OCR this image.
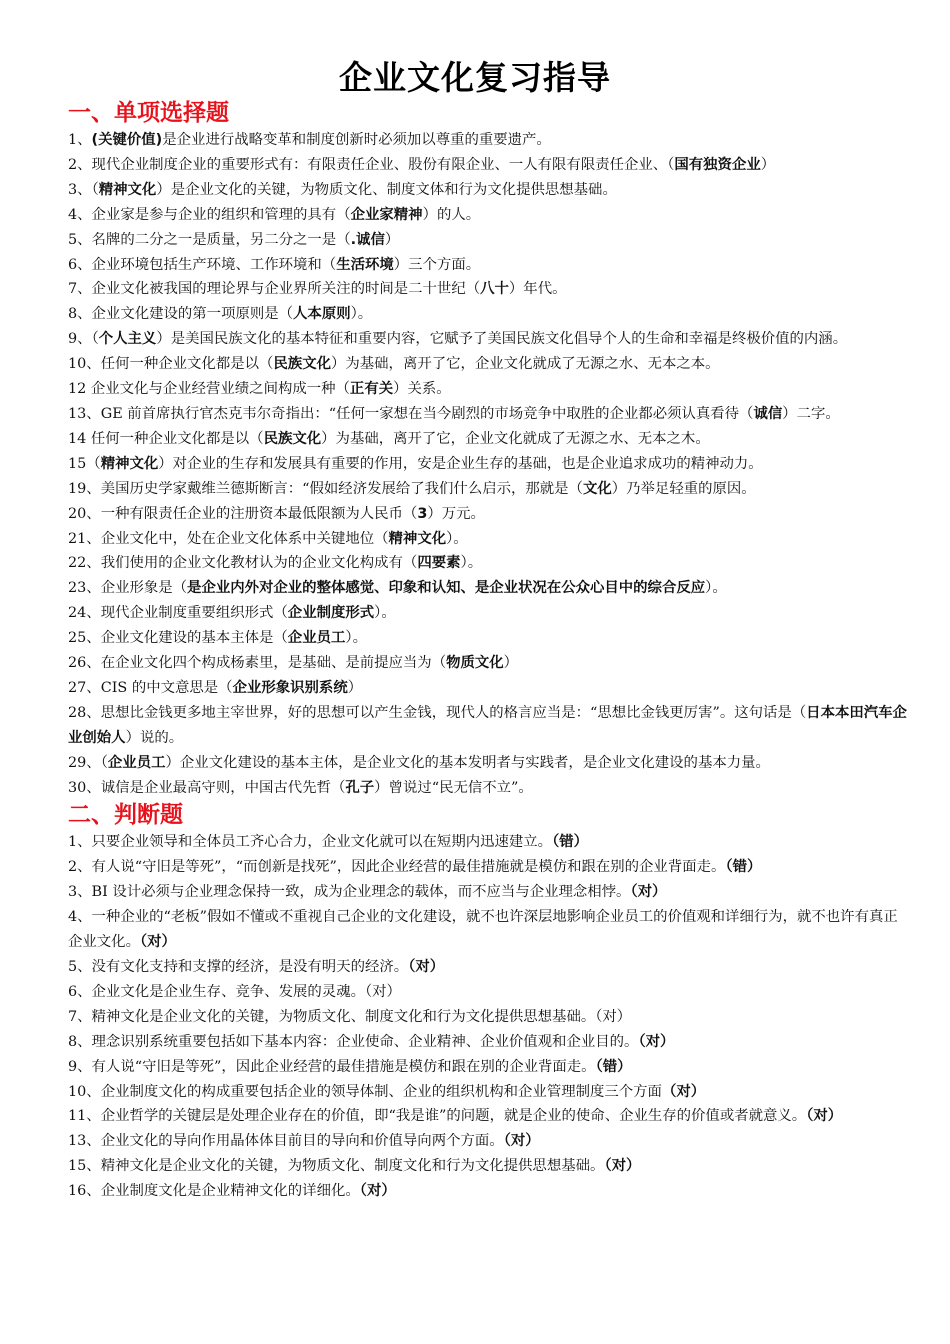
企业文化复习指导
一、单项选择题

1、(关键价值)是企业进行战略变革和制度创新时必须加以尊重的重要遗产。

2、现代企业制度企业的重要形式有：有限责任企业、股份有限企业、一人有限有限责任企业、（国有独资企业）

3、（精神文化）是企业文化的关键，为物质文化、制度文体和行为文化提供思想基础。

4、企业家是参与企业的组织和管理的具有（企业家精神）的人。

5、名牌的二分之一是质量，另二分之一是（.诚信）

6、企业环境包括生产环境、工作环境和（生活环境）三个方面。

7、企业文化被我国的理论界与企业界所关注的时间是二十世纪（八十）年代。

8、企业文化建设的第一项原则是（人本原则）。

9、（个人主义）是美国民族文化的基本特征和重要内容，它赋予了美国民族文化倡导个人的生命和幸福是终极价值的内涵。

10、任何一种企业文化都是以（民族文化）为基础，离开了它，企业文化就成了无源之水、无本之本。

12 企业文化与企业经营业绩之间构成一种（正有关）关系。

13、GE 前首席执行官杰克韦尔奇指出：“任何一家想在当今剧烈的市场竞争中取胜的企业都必须认真看待（诚信）二字。

14 任何一种企业文化都是以（民族文化）为基础，离开了它，企业文化就成了无源之水、无本之木。

15（精神文化）对企业的生存和发展具有重要的作用，安是企业生存的基础，也是企业追求成功的精神动力。

19、美国历史学家戴维兰德斯断言：“假如经济发展给了我们什么启示，那就是（文化）乃举足轻重的原因。

20、一种有限责任企业的注册资本最低限额为人民币（3）万元。

21、企业文化中，处在企业文化体系中关键地位（精神文化）。

22、我们使用的企业文化教材认为的企业文化构成有（四要素）。

23、企业形象是（是企业内外对企业的整体感觉、印象和认知、是企业状况在公众心目中的综合反应）。

24、现代企业制度重要组织形式（企业制度形式）。

25、企业文化建设的基本主体是（企业员工）。

26、在企业文化四个构成杨素里，是基础、是前提应当为（物质文化）

27、CIS 的中文意思是（企业形象识别系统）

28、思想比金钱更多地主宰世界，好的思想可以产生金钱，现代人的格言应当是：“思想比金钱更厉害”。这句话是（日本本田汽车企业创始人）说的。

29、（企业员工）企业文化建设的基本主体，是企业文化的基本发明者与实践者，是企业文化建设的基本力量。

30、诚信是企业最高守则，中国古代先哲（孔子）曾说过“民无信不立”。

二、判断题

1、只要企业领导和全体员工齐心合力，企业文化就可以在短期内迅速建立。（错）

2、有人说“守旧是等死”，“而创新是找死”，因此企业经营的最佳措施就是模仿和跟在别的企业背面走。（错）

3、BI 设计必须与企业理念保持一致，成为企业理念的载体，而不应当与企业理念相悖。（对）

4、一种企业的“老板”假如不懂或不重视自己企业的文化建设，就不也许深层地影响企业员工的价值观和详细行为，就不也许有真正企业文化。（对）

5、没有文化支持和支撑的经济，是没有明天的经济。（对）

6、企业文化是企业生存、竞争、发展的灵魂。（对）

7、精神文化是企业文化的关键，为物质文化、制度文化和行为文化提供思想基础。（对）

8、理念识别系统重要包括如下基本内容：企业使命、企业精神、企业价值观和企业目的。（对）

9、有人说“守旧是等死”，因此企业经营的最佳措施是模仿和跟在别的企业背面走。（错）

10、企业制度文化的构成重要包括企业的领导体制、企业的组织机构和企业管理制度三个方面（对）

11、企业哲学的关键层是处理企业存在的价值，即“我是谁”的问题，就是企业的使命、企业生存的价值或者就意义。（对）

13、企业文化的导向作用晶体体目前目的导向和价值导向两个方面。（对）

15、精神文化是企业文化的关键，为物质文化、制度文化和行为文化提供思想基础。（对）

16、企业制度文化是企业精神文化的详细化。（对）
